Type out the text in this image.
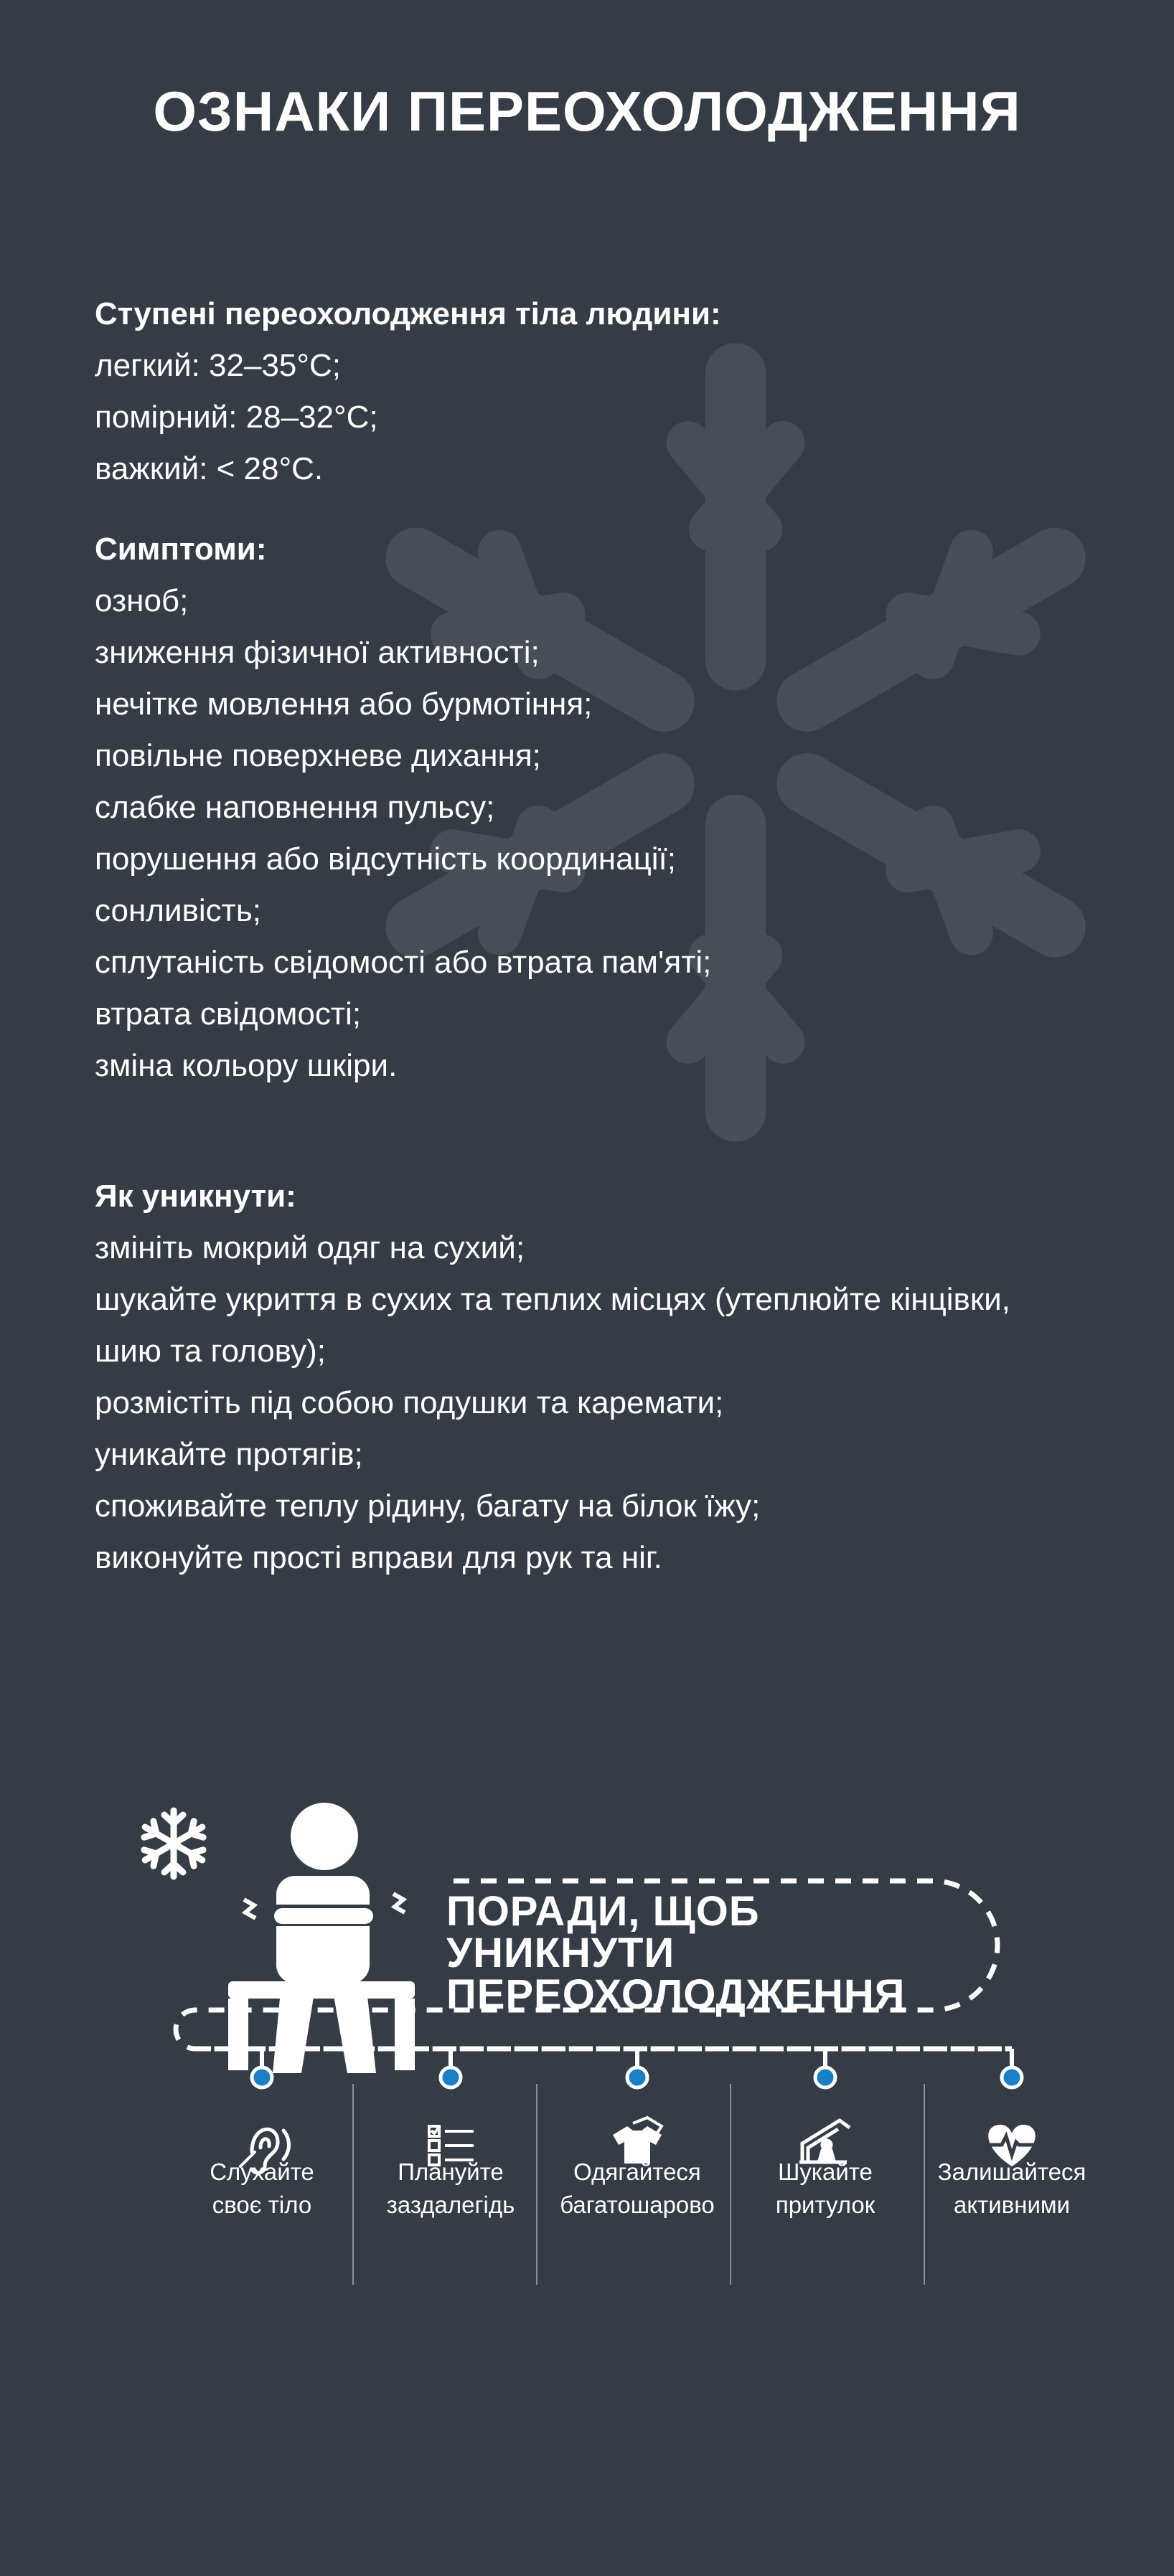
ОЗНАКИ ПЕРЕОХОЛОДЖЕННЯ

Ступені переохолодження тіла людини:

легкий: 32–35°C;
помірний: 28–32°C;
важкий: < 28°C.

Симптоми:

озноб;
зниження фізичної активності;
нечітке мовлення або бурмотіння;
повільне поверхневе дихання;
слабке наповнення пульсу;
порушення або відсутність координації;
сонливість;
сплутаність свідомості або втрата пам'яті;
втрата свідомості;
зміна кольору шкіри.

Як уникнути:

змініть мокрий одяг на сухий;
шукайте укриття в сухих та теплих місцях (утеплюйте кінцівки,
шию та голову);
розмістіть під собою подушки та каремати;
уникайте протягів;
споживайте теплу рідину, багату на білок їжу;
виконуйте прості вправи для рук та ніг.
ПОРАДИ, ЩОБ
УНИКНУТИ
ПЕРЕОХОЛОДЖЕННЯ
Слухайте
своє тіло
Плануйте
заздалегідь
Одягайтеся
багатошарово
Шукайте
притулок
Залишайтеся
активними
